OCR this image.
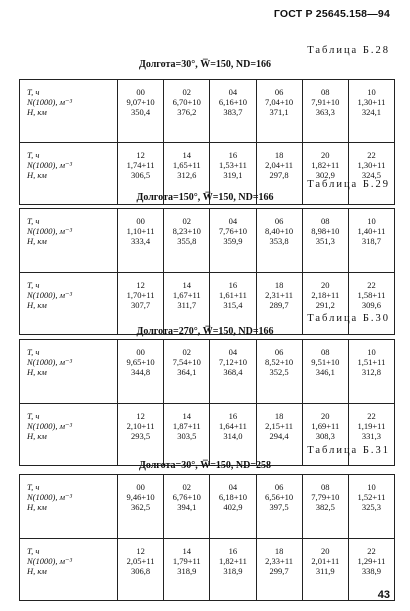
ГОСТ Р 25645.158—94
Таблица Б.28
Долгота=30°, W̅=150, ND=166
T, ч
N(1000), м⁻³
H, км
00
9,07+10
350,4
02
6,70+10
376,2
04
6,16+10
383,7
06
7,04+10
371,1
08
7,91+10
363,3
10
1,30+11
324,1
T, ч
N(1000), м⁻³
H, км
12
1,74+11
306,5
14
1,65+11
312,6
16
1,53+11
319,1
18
2,04+11
297,8
20
1,82+11
302,9
22
1,30+11
324,5
Таблица Б.29
Долгота=150°, W̅=150, ND=166
T, ч
N(1000), м⁻³
H, км
00
1,10+11
333,4
02
8,23+10
355,8
04
7,76+10
359,9
06
8,40+10
353,8
08
8,98+10
351,3
10
1,40+11
318,7
T, ч
N(1000), м⁻³
H, км
12
1,70+11
307,7
14
1,67+11
311,7
16
1,61+11
315,4
18
2,31+11
289,7
20
2,18+11
291,2
22
1,58+11
309,6
Таблица Б.30
Долгота=270°, W̅=150, ND=166
T, ч
N(1000), м⁻³
H, км
00
9,65+10
344,8
02
7,54+10
364,1
04
7,12+10
368,4
06
8,52+10
352,5
08
9,51+10
346,1
10
1,51+11
312,8
T, ч
N(1000), м⁻³
H, км
12
2,10+11
293,5
14
1,87+11
303,5
16
1,64+11
314,0
18
2,15+11
294,4
20
1,69+11
308,3
22
1,19+11
331,3
Таблица Б.31
Долгота=30°, W̅=150, ND=258
T, ч
N(1000), м⁻³
H, км
00
9,46+10
362,5
02
6,76+10
394,1
04
6,18+10
402,9
06
6,56+10
397,5
08
7,79+10
382,5
10
1,52+11
325,3
T, ч
N(1000), м⁻³
H, км
12
2,05+11
306,8
14
1,79+11
318,9
16
1,82+11
318,9
18
2,33+11
299,7
20
2,01+11
311,9
22
1,29+11
338,9
43
